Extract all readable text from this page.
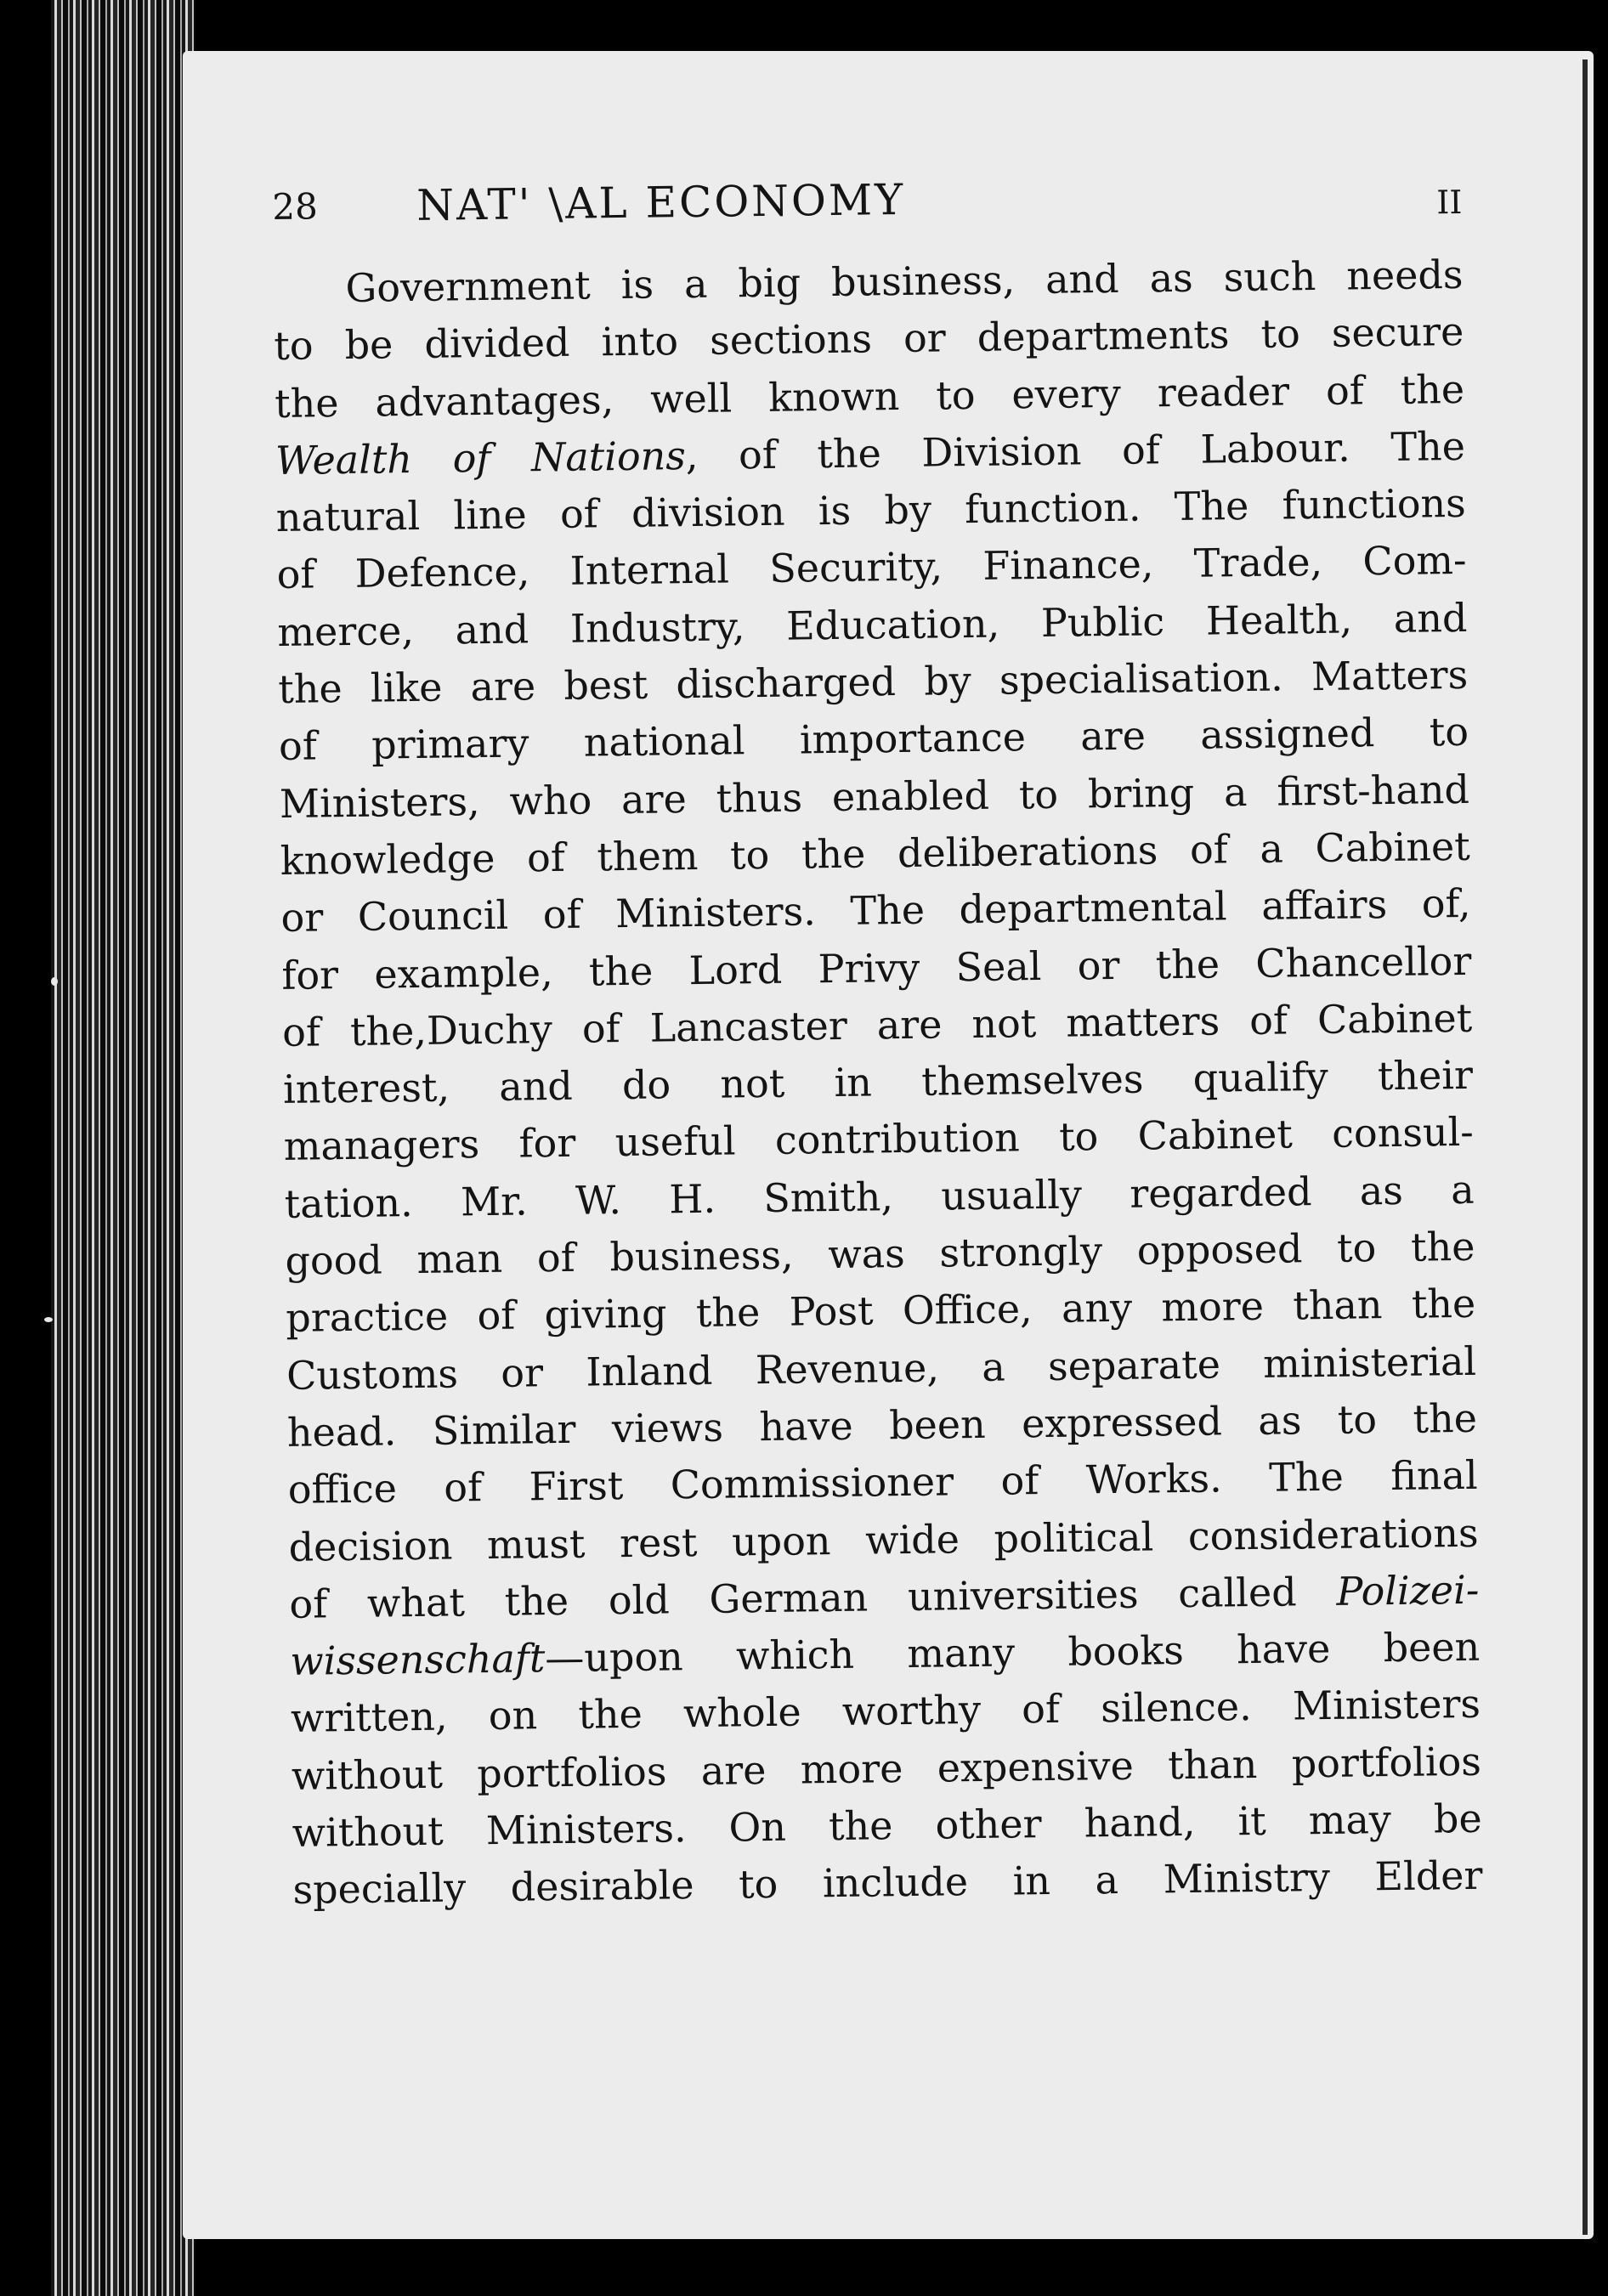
28 NAT' \AL ECONOMY	II
Government is a big business, and as such needs
to be divided into sections or departments to secure
the advantages, well known to every reader of the
Wealth of Nations, of the Division of Labour. The
natural line of division is by function. The functions
of Defence, Internal Security, Finance, Trade, Com-
merce, and Industry, Education, Public Health, and
the like are best discharged by specialisation. Matters
of primary national importance are assigned to
Ministers, who are thus enabled to bring a first-hand
knowledge of them to the deliberations of a Cabinet
or Council of Ministers. The departmental affairs of,
for example, the Lord Privy Seal or the Chancellor
of the,Duchy of Lancaster are not matters of Cabinet
interest, and do not in themselves qualify their
managers for useful contribution to Cabinet consul-
tation. Mr. W. H. Smith, usually regarded as a
good man of business, was strongly opposed to the
practice of giving the Post Office, any more than the
Customs or Inland Revenue, a separate ministerial
head. Similar views have been expressed as to the
office of First Commissioner of Works. The final
decision must rest upon wide political considerations
of what the old German universities called Polizei-
wissenschaft—upon which many books have been
written, on the whole worthy of silence. Ministers
without portfolios are more expensive than portfolios
without Ministers. On the other hand, it may be
specially desirable to include in a Ministry Elder
